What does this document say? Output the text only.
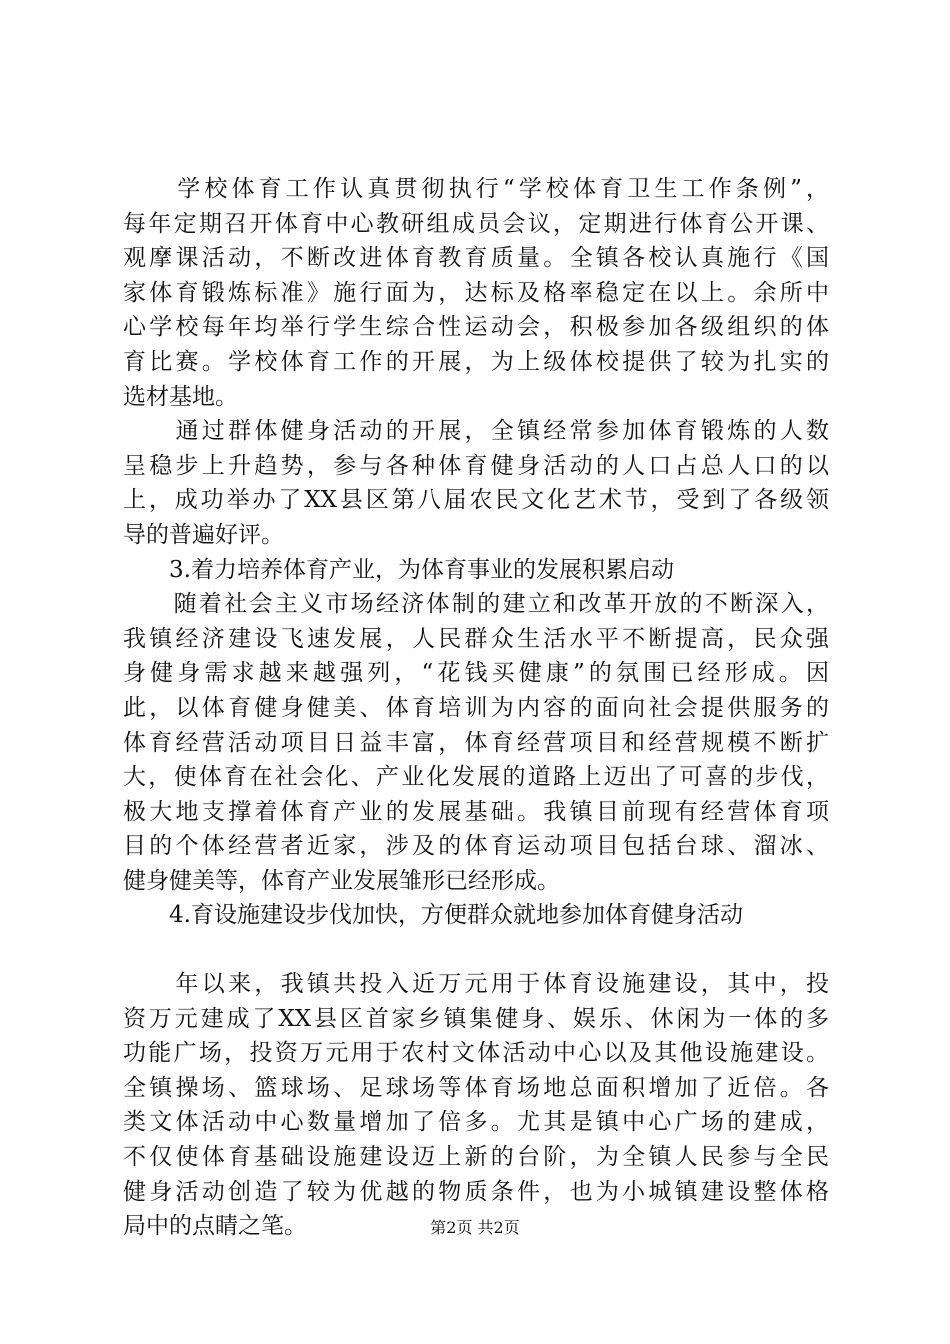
　　学校体育工作认真贯彻执行“学校体育卫生工作条例”，
每年定期召开体育中心教研组成员会议，定期进行体育公开课、
观摩课活动，不断改进体育教育质量。全镇各校认真施行《国
家体育锻炼标准》施行面为，达标及格率稳定在以上。余所中
心学校每年均举行学生综合性运动会，积极参加各级组织的体
育比赛。学校体育工作的开展，为上级体校提供了较为扎实的
选材基地。
　　通过群体健身活动的开展，全镇经常参加体育锻炼的人数
呈稳步上升趋势，参与各种体育健身活动的人口占总人口的以
上，成功举办了XX县区第八届农民文化艺术节，受到了各级领
导的普遍好评。
　　3.着力培养体育产业，为体育事业的发展积累启动
　　随着社会主义市场经济体制的建立和改革开放的不断深入，
我镇经济建设飞速发展，人民群众生活水平不断提高，民众强
身健身需求越来越强列，“花钱买健康”的氛围已经形成。因
此，以体育健身健美、体育培训为内容的面向社会提供服务的
体育经营活动项目日益丰富，体育经营项目和经营规模不断扩
大，使体育在社会化、产业化发展的道路上迈出了可喜的步伐，
极大地支撑着体育产业的发展基础。我镇目前现有经营体育项
目的个体经营者近家，涉及的体育运动项目包括台球、溜冰、
健身健美等，体育产业发展雏形已经形成。
　　4.育设施建设步伐加快，方便群众就地参加体育健身活动
　　年以来，我镇共投入近万元用于体育设施建设，其中，投
资万元建成了XX县区首家乡镇集健身、娱乐、休闲为一体的多
功能广场，投资万元用于农村文体活动中心以及其他设施建设。
全镇操场、篮球场、足球场等体育场地总面积增加了近倍。各
类文体活动中心数量增加了倍多。尤其是镇中心广场的建成，
不仅使体育基础设施建设迈上新的台阶，为全镇人民参与全民
健身活动创造了较为优越的物质条件，也为小城镇建设整体格
局中的点睛之笔。	第2页 共2页
